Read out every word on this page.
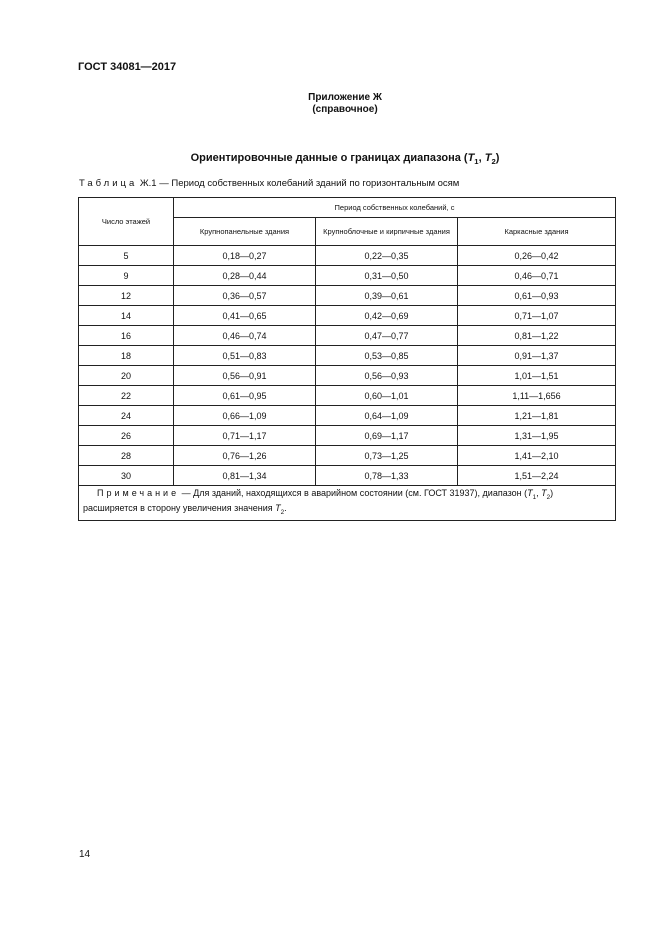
ГОСТ 34081—2017
Приложение Ж
(справочное)
Ориентировочные данные о границах диапазона ($T_1$, $T_2$)
Таблица Ж.1 — Период собственных колебаний зданий по горизонтальным осям
Число этажей	Период собственных колебаний, с		
	Крупнопанельные здания	Крупноблочные и кирпичные здания	Каркасные здания
5	0,18—0,27	0,22—0,35	0,26—0,42
9	0,28—0,44	0,31—0,50	0,46—0,71
12	0,36—0,57	0,39—0,61	0,61—0,93
14	0,41—0,65	0,42—0,69	0,71—1,07
16	0,46—0,74	0,47—0,77	0,81—1,22
18	0,51—0,83	0,53—0,85	0,91—1,37
20	0,56—0,91	0,56—0,93	1,01—1,51
22	0,61—0,95	0,60—1,01	1,11—1,656
24	0,66—1,09	0,64—1,09	1,21—1,81
26	0,71—1,17	0,69—1,17	1,31—1,95
28	0,76—1,26	0,73—1,25	1,41—2,10
30	0,81—1,34	0,78—1,33	1,51—2,24
Примечание — Для зданий, находящихся в аварийном состоянии (см. ГОСТ 31937), диапазон ($T_1$, $T_2$)
расширяется в сторону увеличения значения $T_2$.			
14
